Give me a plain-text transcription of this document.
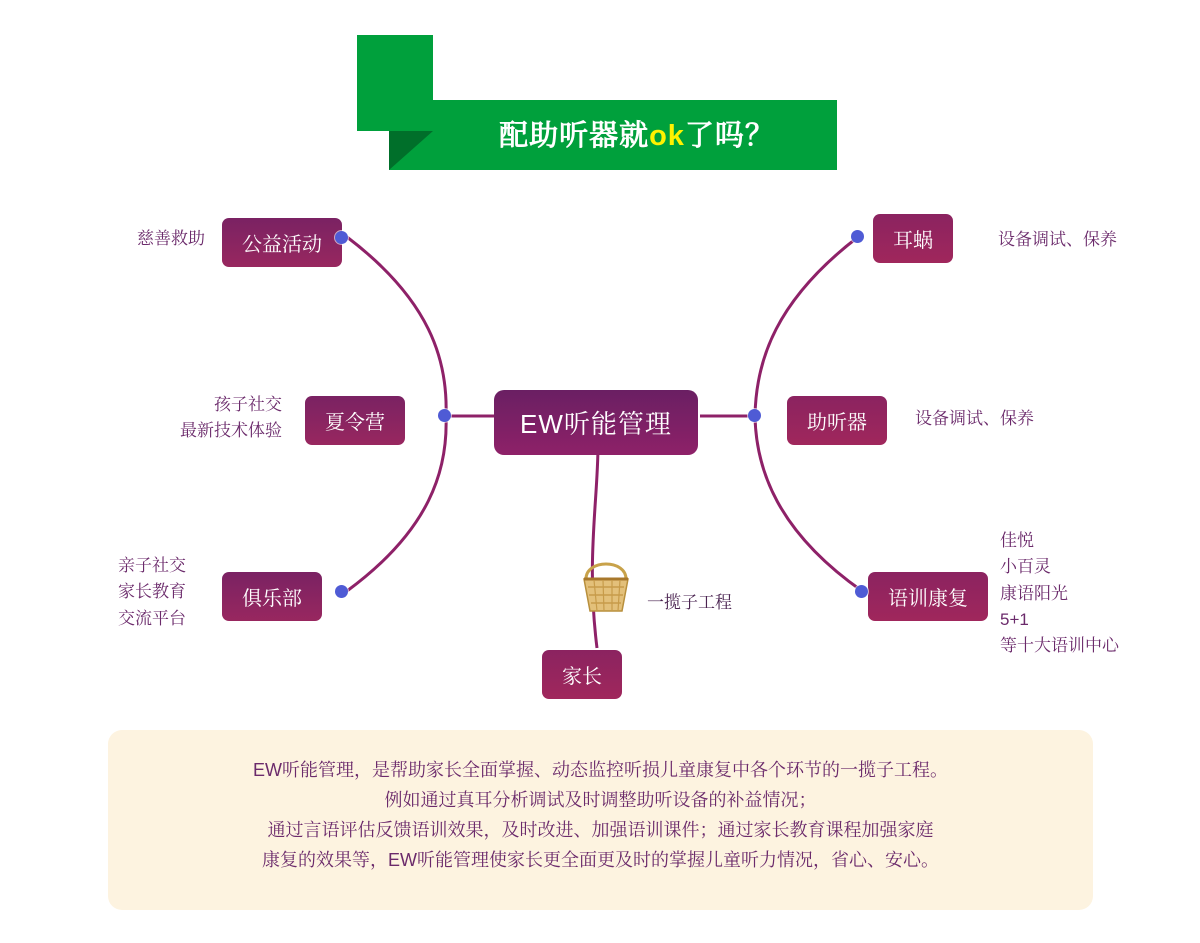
配助听器就ok了吗？
EW听能管理
公益活动
慈善救助
夏令营
孩子社交
最新技术体验
俱乐部
亲子社交
家长教育
交流平台
耳蜗	设备调试、保养
助听器	设备调试、保养
语训康复
佳悦
小百灵
康语阳光
5+1
等十大语训中心
家长
一揽子工程
EW听能管理，是帮助家长全面掌握、动态监控听损儿童康复中各个环节的一揽子工程。
例如通过真耳分析调试及时调整助听设备的补益情况；
通过言语评估反馈语训效果，及时改进、加强语训课件；通过家长教育课程加强家庭
康复的效果等，EW听能管理使家长更全面更及时的掌握儿童听力情况，省心、安心。
